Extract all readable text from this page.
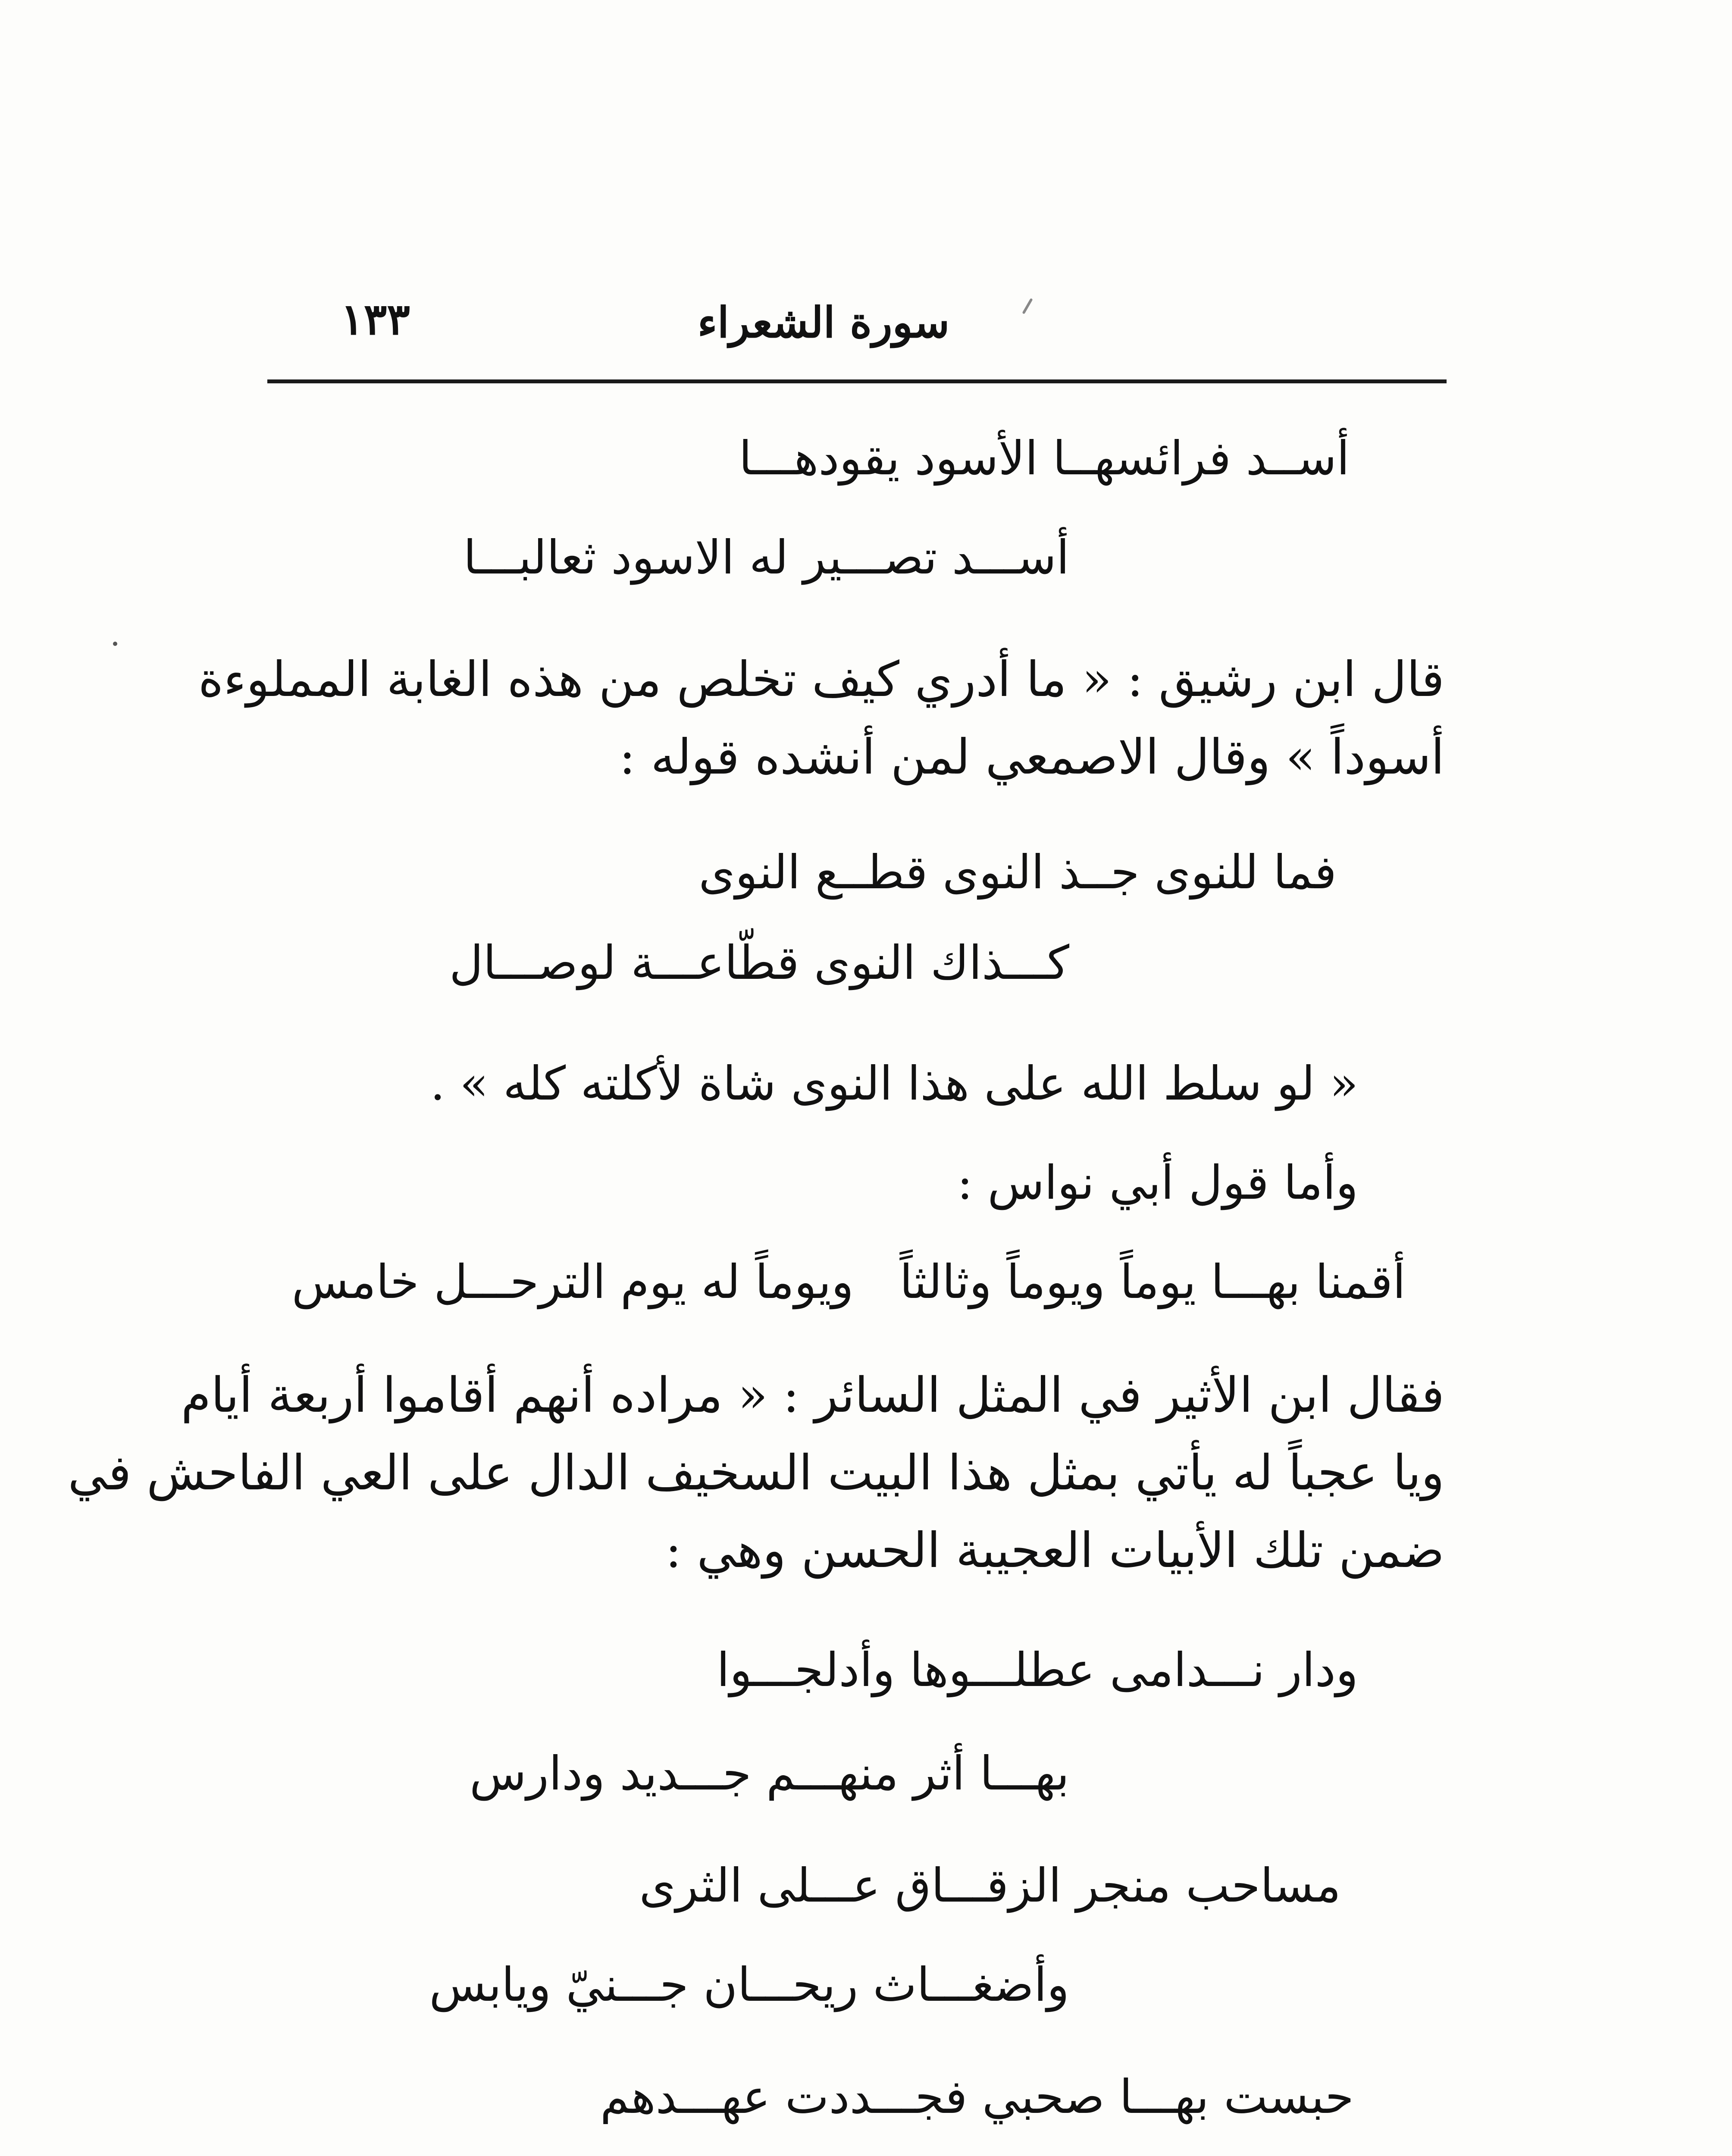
سورة الشعراء
١٣٣
أســد فرائسهــا الأسود يقودهـــا
أســـد تصـــير له الاسود ثعالبـــا
قال ابن رشيق : « ما أدري كيف تخلص من هذه الغابة المملوءة
أسوداً » وقال الاصمعي لمن أنشده قوله :
فما للنوى جــذ النوى قطــع النوى
كـــذاك النوى قطّاعـــة لوصـــال
« لو سلط الله على هذا النوى شاة لأكلته كله » .
وأما قول أبي نواس :
أقمنا بهـــا يوماً ويوماً وثالثاً
ويوماً له يوم الترحـــل خامس
فقال ابن الأثير في المثل السائر : « مراده أنهم أقاموا أربعة أيام
ويا عجباً له يأتي بمثل هذا البيت السخيف الدال على العي الفاحش في
ضمن تلك الأبيات العجيبة الحسن وهي :
ودار نـــدامى عطلـــوها وأدلجـــوا
بهـــا أثر منهـــم جـــديد ودارس
مساحب منجر الزقـــاق عـــلى الثرى
وأضغـــاث ريحـــان جـــنيّ ويابس
حبست بهـــا صحبي فجـــددت عهـــدهم
